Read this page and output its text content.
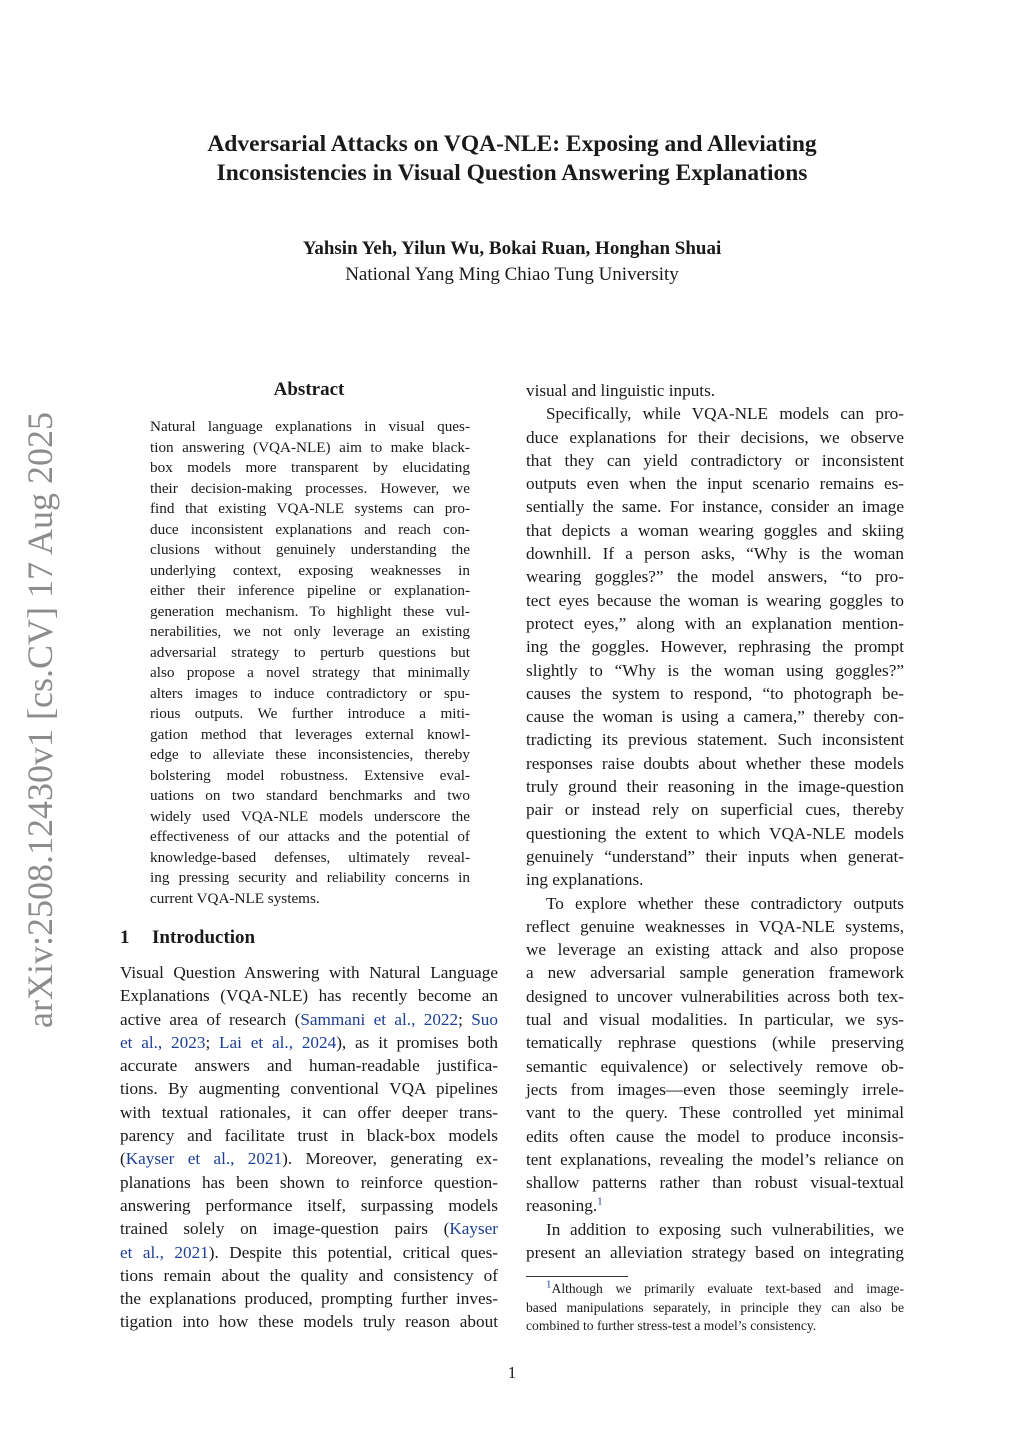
Adversarial Attacks on VQA-NLE: Exposing and Alleviating
Inconsistencies in Visual Question Answering Explanations
Yahsin Yeh, Yilun Wu, Bokai Ruan, Honghan Shuai
National Yang Ming Chiao Tung University
arXiv:2508.12430v1 [cs.CV] 17 Aug 2025
Abstract
Natural language explanations in visual ques-
tion answering (VQA-NLE) aim to make black-
box models more transparent by elucidating
their decision-making processes. However, we
find that existing VQA-NLE systems can pro-
duce inconsistent explanations and reach con-
clusions without genuinely understanding the
underlying context, exposing weaknesses in
either their inference pipeline or explanation-
generation mechanism. To highlight these vul-
nerabilities, we not only leverage an existing
adversarial strategy to perturb questions but
also propose a novel strategy that minimally
alters images to induce contradictory or spu-
rious outputs. We further introduce a miti-
gation method that leverages external knowl-
edge to alleviate these inconsistencies, thereby
bolstering model robustness. Extensive eval-
uations on two standard benchmarks and two
widely used VQA-NLE models underscore the
effectiveness of our attacks and the potential of
knowledge-based defenses, ultimately reveal-
ing pressing security and reliability concerns in
current VQA-NLE systems.
1 Introduction
Visual Question Answering with Natural Language
Explanations (VQA-NLE) has recently become an
active area of research (Sammani et al., 2022; Suo
et al., 2023; Lai et al., 2024), as it promises both
accurate answers and human-readable justifica-
tions. By augmenting conventional VQA pipelines
with textual rationales, it can offer deeper trans-
parency and facilitate trust in black-box models
(Kayser et al., 2021). Moreover, generating ex-
planations has been shown to reinforce question-
answering performance itself, surpassing models
trained solely on image-question pairs (Kayser
et al., 2021). Despite this potential, critical ques-
tions remain about the quality and consistency of
the explanations produced, prompting further inves-
tigation into how these models truly reason about
visual and linguistic inputs.
Specifically, while VQA-NLE models can pro-
duce explanations for their decisions, we observe
that they can yield contradictory or inconsistent
outputs even when the input scenario remains es-
sentially the same. For instance, consider an image
that depicts a woman wearing goggles and skiing
downhill. If a person asks, “Why is the woman
wearing goggles?” the model answers, “to pro-
tect eyes because the woman is wearing goggles to
protect eyes,” along with an explanation mention-
ing the goggles. However, rephrasing the prompt
slightly to “Why is the woman using goggles?”
causes the system to respond, “to photograph be-
cause the woman is using a camera,” thereby con-
tradicting its previous statement. Such inconsistent
responses raise doubts about whether these models
truly ground their reasoning in the image-question
pair or instead rely on superficial cues, thereby
questioning the extent to which VQA-NLE models
genuinely “understand” their inputs when generat-
ing explanations.
To explore whether these contradictory outputs
reflect genuine weaknesses in VQA-NLE systems,
we leverage an existing attack and also propose
a new adversarial sample generation framework
designed to uncover vulnerabilities across both tex-
tual and visual modalities. In particular, we sys-
tematically rephrase questions (while preserving
semantic equivalence) or selectively remove ob-
jects from images—even those seemingly irrele-
vant to the query. These controlled yet minimal
edits often cause the model to produce inconsis-
tent explanations, revealing the model’s reliance on
shallow patterns rather than robust visual-textual
reasoning.$^1$
In addition to exposing such vulnerabilities, we
present an alleviation strategy based on integrating
$^1$Although we primarily evaluate text-based and image-
based manipulations separately, in principle they can also be
combined to further stress-test a model’s consistency.
1
